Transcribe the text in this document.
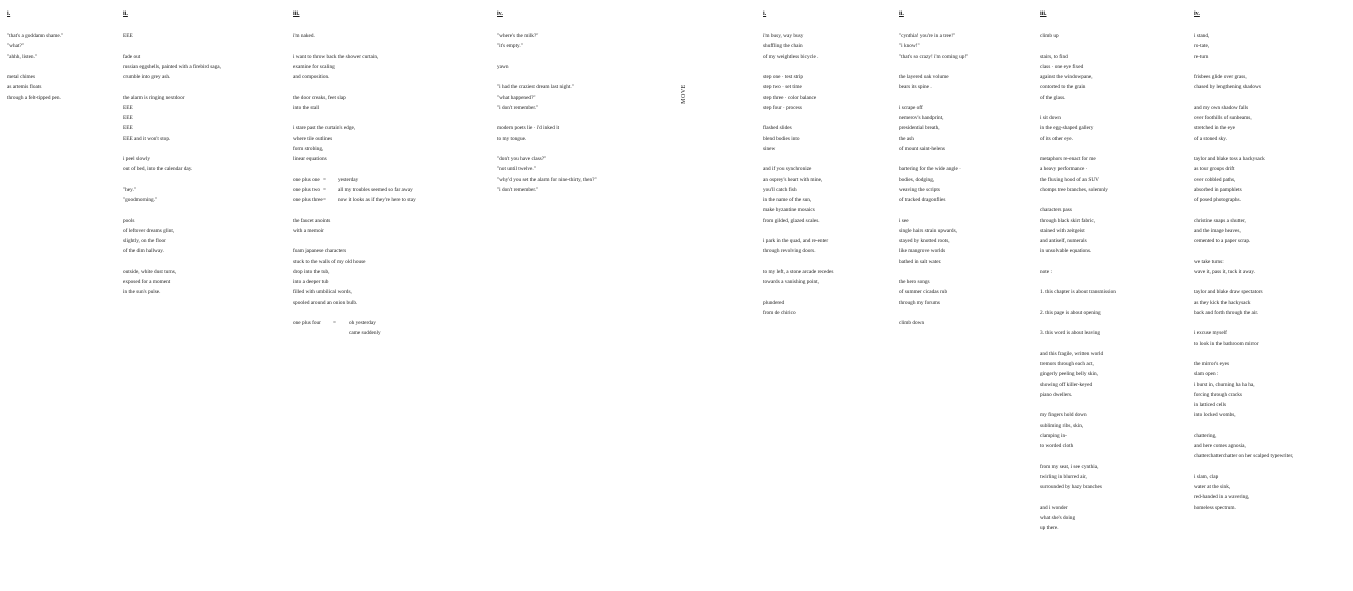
i.	ii.	iii.	iv.	i.	ii.	iii.	iv.
"that's a goddamn shame."
"what?"
"ahhh, listen."
metal chimes
as artemis floats
through a felt-tipped pen.
EEE
fade out
russian eggshells, painted with a firebird saga,
crumble into grey ash.
the alarm is ringing nextdoor
EEE
EEE
EEE
EEE and it won't stop.
i peel slowly
out of bed, into the calendar day.
"hey."
"goodmorning."
pools
of leftover dreams glint,
slightly, on the floor
of the dim hallway.
outside, white dust turns,
exposed for a moment
in the sun's pulse.
i'm naked.
i want to throw back the shower curtain,
examine for scaling
and composition.
the door creaks, feet slap
into the stall
i stare past the curtain's edge,
where tile outlines
form strobing,
linear equations
one plus one = yesterday
one plus two = all my troubles seemed so far away
one plus three= now it looks as if they're here to stay
the faucet anoints
with a memoir
foam japanese characters
stuck to the walls of my old house
drop into the tub,
into a deeper tub
filled with umbilical words,
spooled around an onion bulb.
one plus four = oh yesterday
came suddenly
"where's the milk?"
"it's empty."
yawn
"i had the craziest dream last night."
"what happened?"
"i don't remember."
modern poets lie · i'd inked it
to my tongue.
"don't you have class?"
"not until twelve."
"why'd you set the alarm for nine-thirty, then?"
"i don't remember."
MOVE
i'm busy, way busy
shuffling the chain
of my weightless bicycle .
step one · test strip
step two · set time
step three · color balance
step four · process
flashed slides
blend bodies into
sinew
and if you synchronize
an osprey's heart with mine,
you'll catch fish
in the name of the sun,
make byzantine mosaics
from gilded, glazed scales.
i park in the quad, and re-enter
through revolving doors.
to my left, a stone arcade recedes
towards a vanishing point,
plundered
from de chirico
"cynthia! you're in a tree!"
"i know!"
"that's so crazy! i'm coming up!"
the layered oak volume
bears its spine .
i scrape off
nemerov's handprint,
presidential breath,
the ash
of mount saint-helens
bartering for the wide angle ·
bodies, dodging,
weaving the scripts
of tracked dragonflies
i see
single hairs strain upwards,
stayed by knotted roots,
like mangrove worlds
bathed in salt water.
the hero songs
of summer cicadas rub
through my forums
climb down
climb up
stairs, to find
class · one eye fixed
against the windowpane,
contorted to the grain
of the glass.
i sit down
in the egg-shaped gallery
of its other eye.
metaphors re-enact for me
a heavy performance ·
the fluxing hood of an SUV
chomps tree branches, solemnly
characters pass
through black skirt fabric,
stained with zeitgeist
and antiself, numerals
in unsolvable equations.
note :
1. this chapter is about transmission
2. this page is about opening
3. this word is about leaving
and this fragile, written world
tremors through each act,
gingerly peeling belly skin,
showing off killer-keyed
piano dwellers.
my fingers hold down
subliming ribs, skin,
clamping in-
to worded cloth
from my seat, i see cynthia,
twirling in blurred air,
surrounded by hazy branches
and i wonder
what she's doing
up there.
i stand,
ro-tate,
re-turn
frisbees glide over grass,
chased by lengthening shadows
and my own shadow falls
over foothills of sunbeams,
stretched in the eye
of a stoned sky.
taylor and blake toss a hackysack
as tour groups drift
over cobbled paths,
absorbed in pamphlets
of posed photographs.
christine snaps a shutter,
and the image heaves,
cemented to a paper scrap.
we take turns:
wave it, pass it, tuck it away.
taylor and blake draw spectators
as they kick the hackysack
back and forth through the air.
i excuse myself
to look in the bathroom mirror
the mirror's eyes
slam open :
i burst in, churning ha ha ha,
forcing through cracks
in latticed cells
into locked wombs,
chattering,
and here comes agnosia,
chatterchatterchatter on her scalped typewriter,
i slam, clap
water at the sink,
red-handed in a wavering,
homeless spectrum.
